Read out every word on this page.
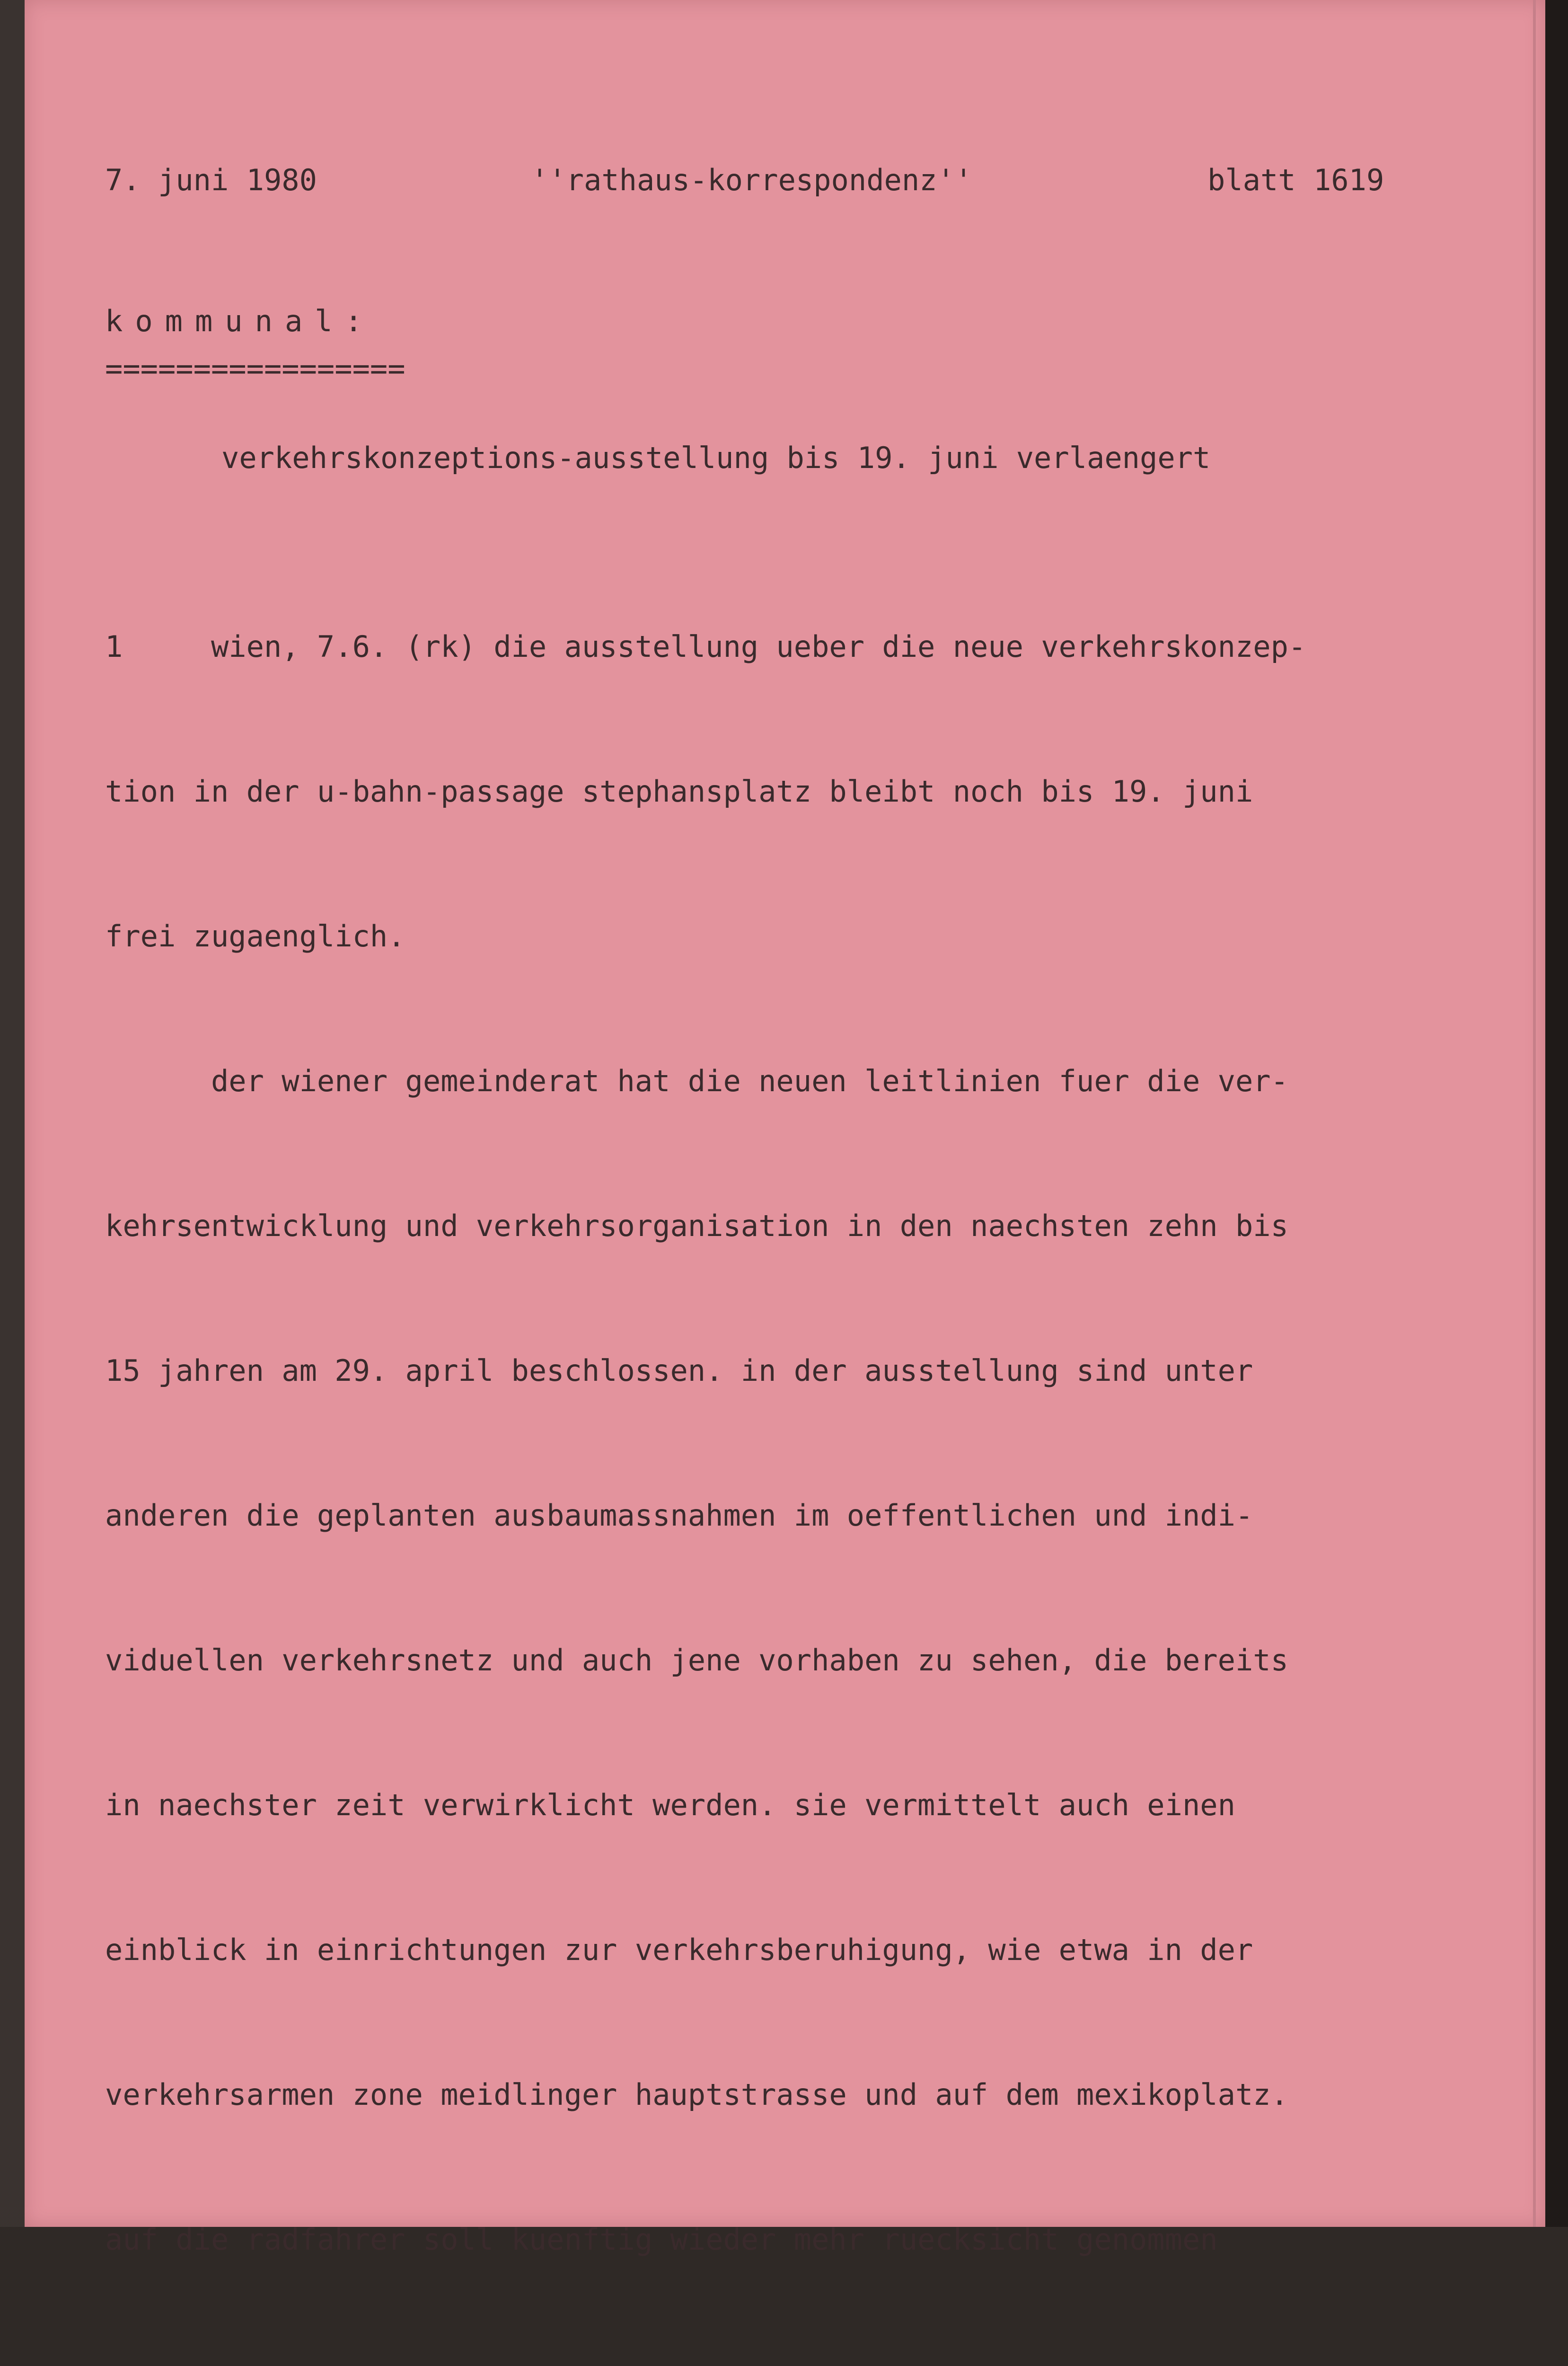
7. juni 1980	''rathaus-korrespondenz''	blatt 1619
kommunal:
=================
verkehrskonzeptions-ausstellung bis 19. juni verlaengert

1     wien, 7.6. (rk) die ausstellung ueber die neue verkehrskonzep-

tion in der u-bahn-passage stephansplatz bleibt noch bis 19. juni

frei zugaenglich.

der wiener gemeinderat hat die neuen leitlinien fuer die ver-

kehrsentwicklung und verkehrsorganisation in den naechsten zehn bis

15 jahren am 29. april beschlossen. in der ausstellung sind unter

anderen die geplanten ausbaumassnahmen im oeffentlichen und indi-

viduellen verkehrsnetz und auch jene vorhaben zu sehen, die bereits

in naechster zeit verwirklicht werden. sie vermittelt auch einen

einblick in einrichtungen zur verkehrsberuhigung, wie etwa in der

verkehrsarmen zone meidlinger hauptstrasse und auf dem mexikoplatz.

auf die radfahrer soll kuenftig wieder mehr ruecksicht genommen
